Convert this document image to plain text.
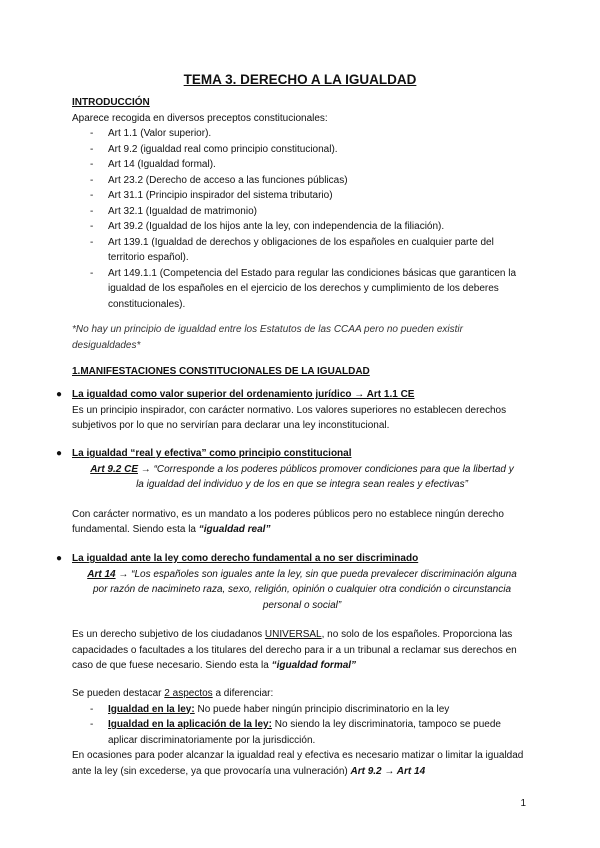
TEMA 3. DERECHO A LA IGUALDAD
INTRODUCCIÓN
Aparece recogida en diversos preceptos constitucionales:
- Art 1.1 (Valor superior).
- Art 9.2 (igualdad real como principio constitucional).
- Art 14 (Igualdad formal).
- Art 23.2 (Derecho de acceso a las funciones públicas)
- Art 31.1 (Principio inspirador del sistema tributario)
- Art 32.1 (Igualdad de matrimonio)
- Art 39.2 (Igualdad de los hijos ante la ley, con independencia de la filiación).
- Art 139.1 (Igualdad de derechos y obligaciones de los españoles en cualquier parte del territorio español).
- Art 149.1.1 (Competencia del Estado para regular las condiciones básicas que garanticen la igualdad de los españoles en el ejercicio de los derechos y cumplimiento de los deberes constitucionales).
*No hay un principio de igualdad entre los Estatutos de las CCAA pero no pueden existir desigualdades*
1.MANIFESTACIONES CONSTITUCIONALES DE LA IGUALDAD
● La igualdad como valor superior del ordenamiento jurídico → Art 1.1 CE
Es un principio inspirador, con carácter normativo. Los valores superiores no establecen derechos subjetivos por lo que no servirían para declarar una ley inconstitucional.
● La igualdad “real y efectiva” como principio constitucional
Art 9.2 CE → “Corresponde a los poderes públicos promover condiciones para que la libertad y la igualdad del individuo y de los en que se integra sean reales y efectivas”
Con carácter normativo, es un mandato a los poderes públicos pero no establece ningún derecho fundamental. Siendo esta la “igualdad real”
● La igualdad ante la ley como derecho fundamental a no ser discriminado
Art 14 → “Los españoles son iguales ante la ley, sin que pueda prevalecer discriminación alguna por razón de nacimineto raza, sexo, religión, opinión o cualquier otra condición o circunstancia personal o social”
Es un derecho subjetivo de los ciudadanos UNIVERSAL, no solo de los españoles. Proporciona las capacidades o facultades a los titulares del derecho para ir a un tribunal a reclamar sus derechos en caso de que fuese necesario. Siendo esta la “igualdad formal”
Se pueden destacar 2 aspectos a diferenciar:
- Igualdad en la ley: No puede haber ningún principio discriminatorio en la ley
- Igualdad en la aplicación de la ley: No siendo la ley discriminatoria, tampoco se puede aplicar discriminatoriamente por la jurisdicción.
En ocasiones para poder alcanzar la igualdad real y efectiva es necesario matizar o limitar la igualdad ante la ley (sin excederse, ya que provocaría una vulneración) Art 9.2 → Art 14
1
